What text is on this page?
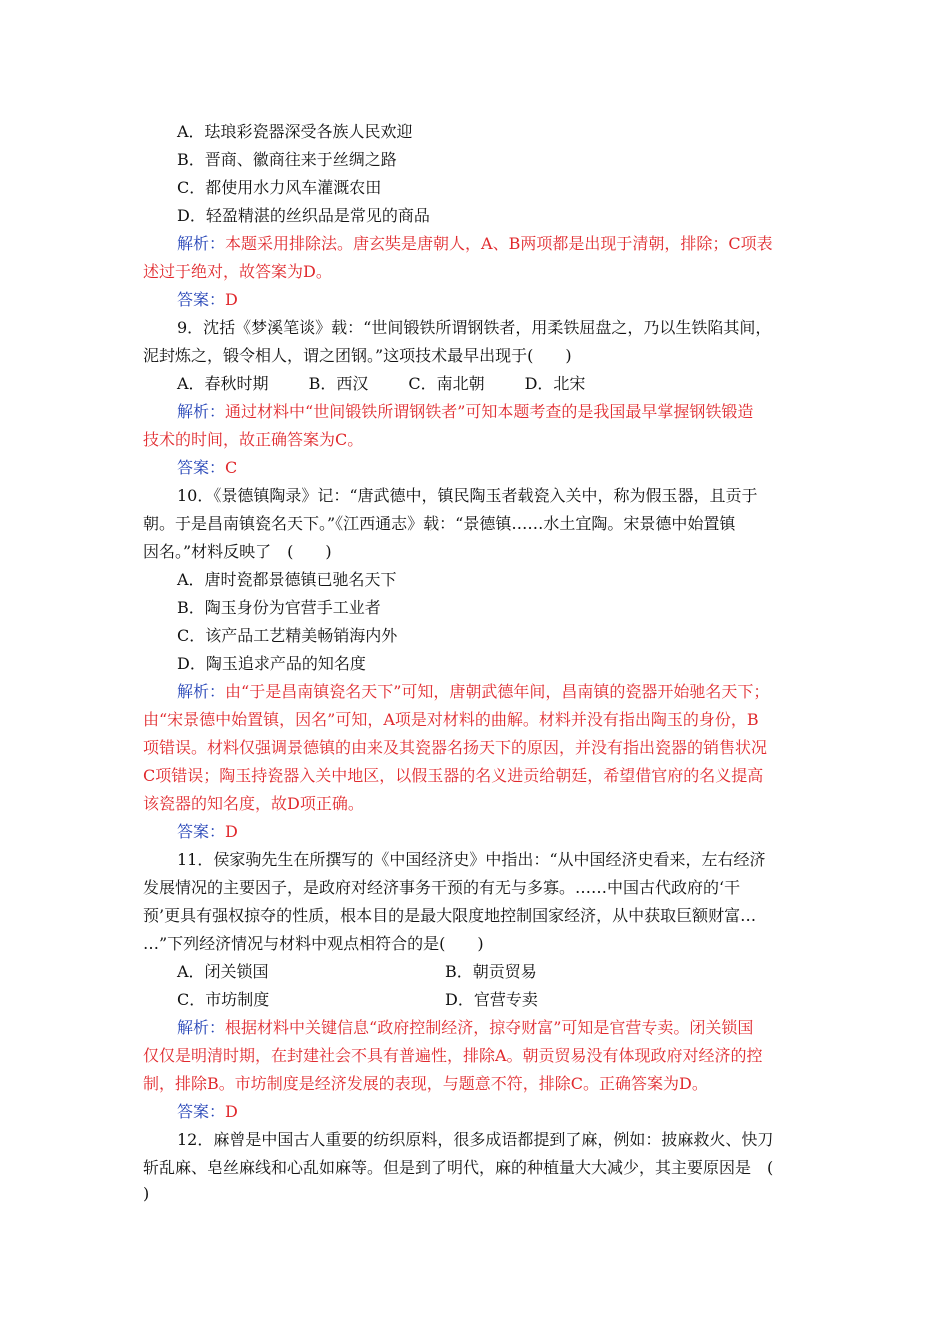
A．珐琅彩瓷器深受各族人民欢迎

B．晋商、徽商往来于丝绸之路

C．都使用水力风车灌溉农田

D．轻盈精湛的丝织品是常见的商品

解析：本题采用排除法。唐玄奘是唐朝人，A、B两项都是出现于清朝，排除；C项表

述过于绝对，故答案为D。

答案：D

9．沈括《梦溪笔谈》载：“世间锻铁所谓钢铁者，用柔铁屈盘之，乃以生铁陷其间，

泥封炼之，锻令相人，谓之团钢。”这项技术最早出现于(　　)

A．春秋时期	B．西汉	C．南北朝	D．北宋

解析：通过材料中“世间锻铁所谓钢铁者”可知本题考查的是我国最早掌握钢铁锻造

技术的时间，故正确答案为C。

答案：C

10．《景德镇陶录》记：“唐武德中，镇民陶玉者载瓷入关中，称为假玉器，且贡于

朝。于是昌南镇瓷名天下。”《江西通志》载：“景德镇……水土宜陶。宋景德中始置镇

因名。”材料反映了　(　　)

A．唐时瓷都景德镇已驰名天下

B．陶玉身份为官营手工业者

C．该产品工艺精美畅销海内外

D．陶玉追求产品的知名度

解析：由“于是昌南镇瓷名天下”可知，唐朝武德年间，昌南镇的瓷器开始驰名天下；

由“宋景德中始置镇，因名”可知，A项是对材料的曲解。材料并没有指出陶玉的身份，B

项错误。材料仅强调景德镇的由来及其瓷器名扬天下的原因，并没有指出瓷器的销售状况

C项错误；陶玉持瓷器入关中地区，以假玉器的名义进贡给朝廷，希望借官府的名义提高

该瓷器的知名度，故D项正确。

答案：D

11．侯家驹先生在所撰写的《中国经济史》中指出：“从中国经济史看来，左右经济

发展情况的主要因子，是政府对经济事务干预的有无与多寡。……中国古代政府的‘干

预’更具有强权掠夺的性质，根本目的是最大限度地控制国家经济，从中获取巨额财富…

…”下列经济情况与材料中观点相符合的是(　　)

A．闭关锁国	B．朝贡贸易

C．市坊制度	D．官营专卖

解析：根据材料中关键信息“政府控制经济，掠夺财富”可知是官营专卖。闭关锁国

仅仅是明清时期，在封建社会不具有普遍性，排除A。朝贡贸易没有体现政府对经济的控

制，排除B。市坊制度是经济发展的表现，与题意不符，排除C。正确答案为D。

答案：D

12．麻曾是中国古人重要的纺织原料，很多成语都提到了麻，例如：披麻救火、快刀

斩乱麻、皂丝麻线和心乱如麻等。但是到了明代，麻的种植量大大减少，其主要原因是　(

)
